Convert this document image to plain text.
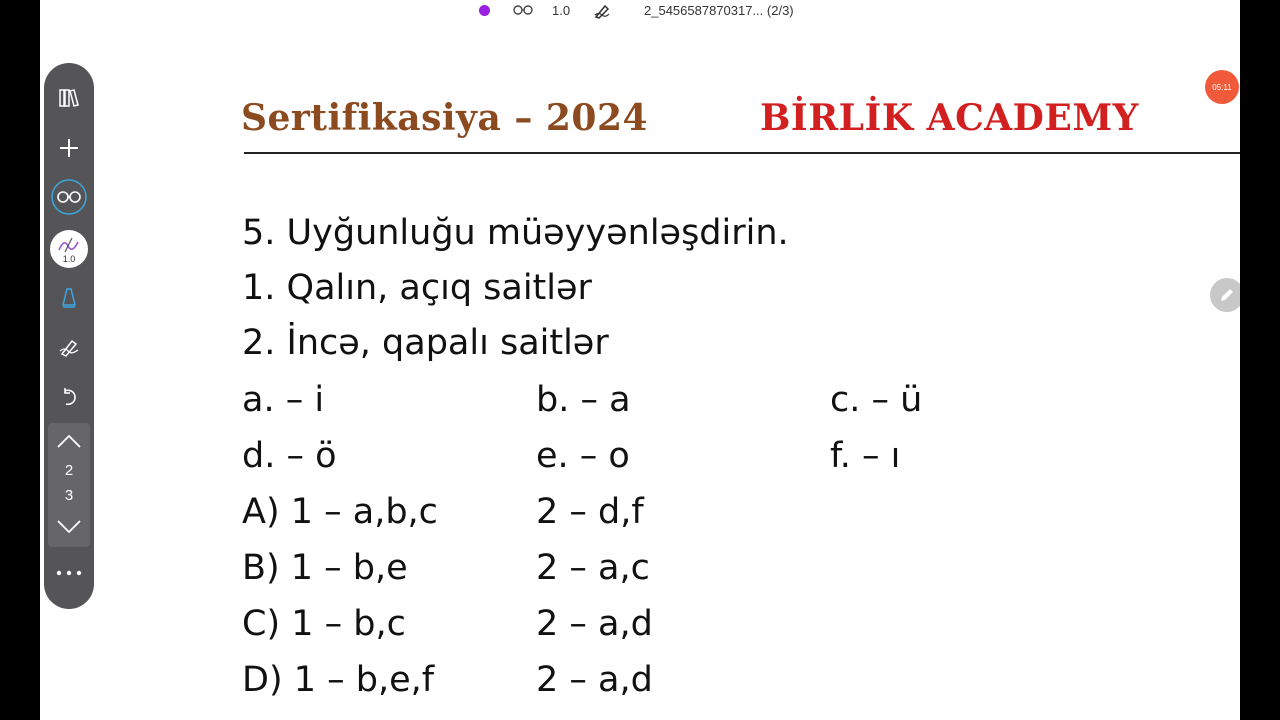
1.0	2_5456587870317... (2/3)
Sertifikasiya – 2024	BİRLİK ACADEMY
5. Uyğunluğu müəyyənləşdirin.
1. Qalın, açıq saitlər
2. İncə, qapalı saitlər
a. – i	b. – a	c. – ü
d. – ö	e. – o	f. – ı
A) 1 – a,b,c	2 – d,f
B) 1 – b,e	2 – a,c
C) 1 – b,c	2 – a,d
D) 1 – b,e,f	2 – a,d
05:11
1.0
2
3
